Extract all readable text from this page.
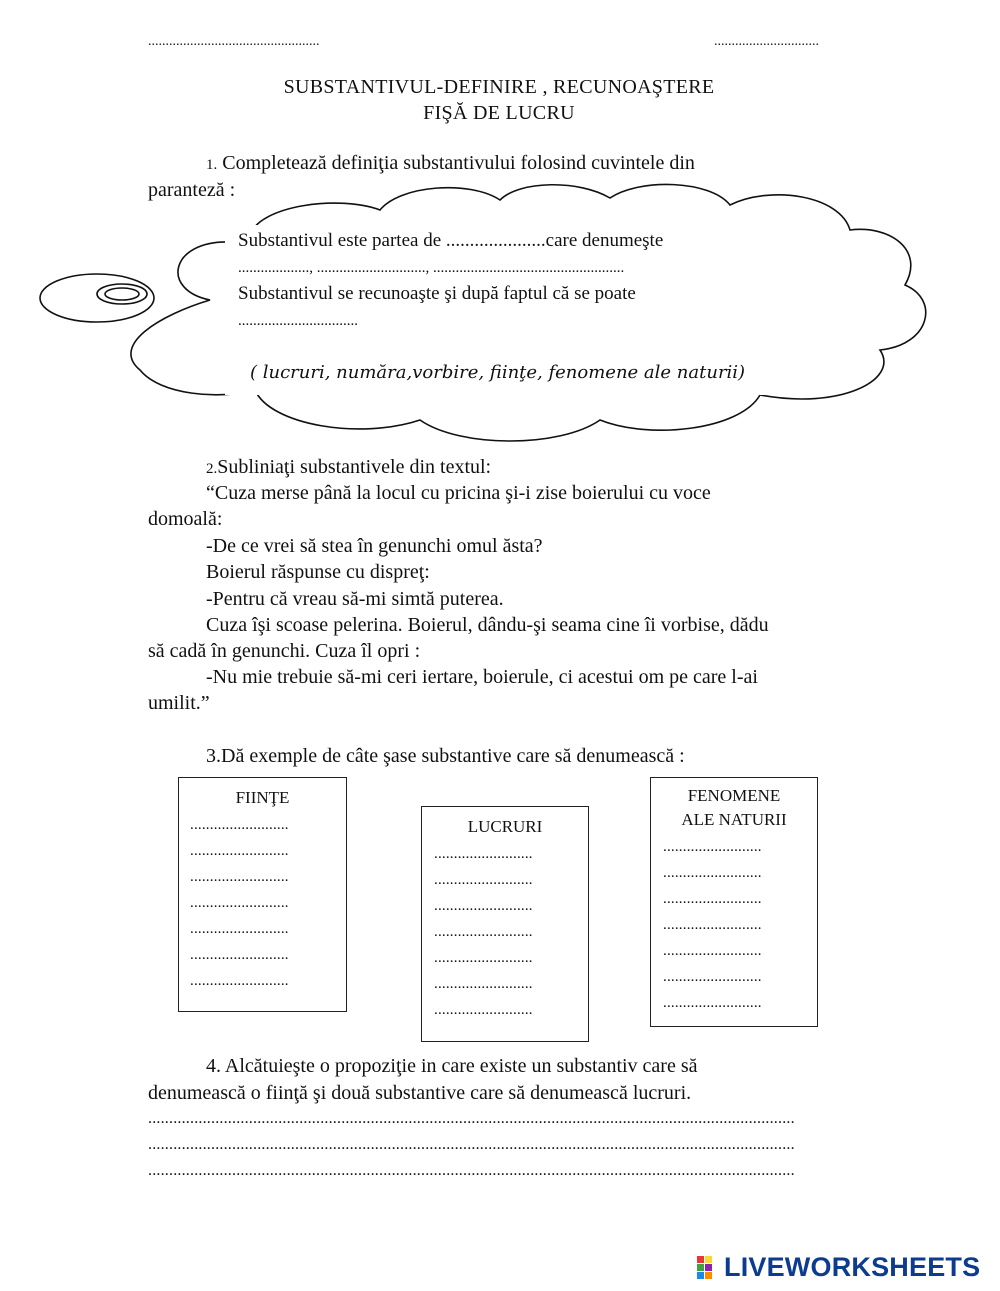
.................................................	..............................
SUBSTANTIVUL-DEFINIRE , RECUNOAŞTERE
FIŞĂ DE LUCRU
1. Completează definiţia substantivului folosind cuvintele din
paranteză :
Substantivul este partea de .....................care denumeşte
..................., ............................., ...................................................
Substantivul se recunoaşte şi după faptul că se poate
................................
( lucruri, număra,vorbire, fiinţe, fenomene ale naturii)
2.Subliniaţi substantivele din textul:
“Cuza merse până la locul cu pricina şi-i zise boierului cu voce
domoală:
-De ce vrei să stea în genunchi omul ăsta?
Boierul răspunse cu dispreţ:
-Pentru că vreau să-mi simtă puterea.
Cuza îşi scoase pelerina. Boierul, dându-şi seama cine îi vorbise, dădu
să cadă în genunchi. Cuza îl opri :
-Nu mie trebuie să-mi ceri iertare, boierule, ci acestui om pe care l-ai
umilit.”
3.Dă exemple de câte şase substantive care să denumească :
FIINŢE
.........................
.........................
.........................
.........................
.........................
.........................
.........................
LUCRURI
.........................
.........................
.........................
.........................
.........................
.........................
.........................
FENOMENE
ALE NATURII
.........................
.........................
.........................
.........................
.........................
.........................
.........................
4. Alcătuieşte o propoziţie in care existe un substantiv care să
denumească o fiinţă şi două substantive care să denumească lucruri.
..........................................................................................................................................................
..........................................................................................................................................................
..........................................................................................................................................................
LIVEWORKSHEETS
